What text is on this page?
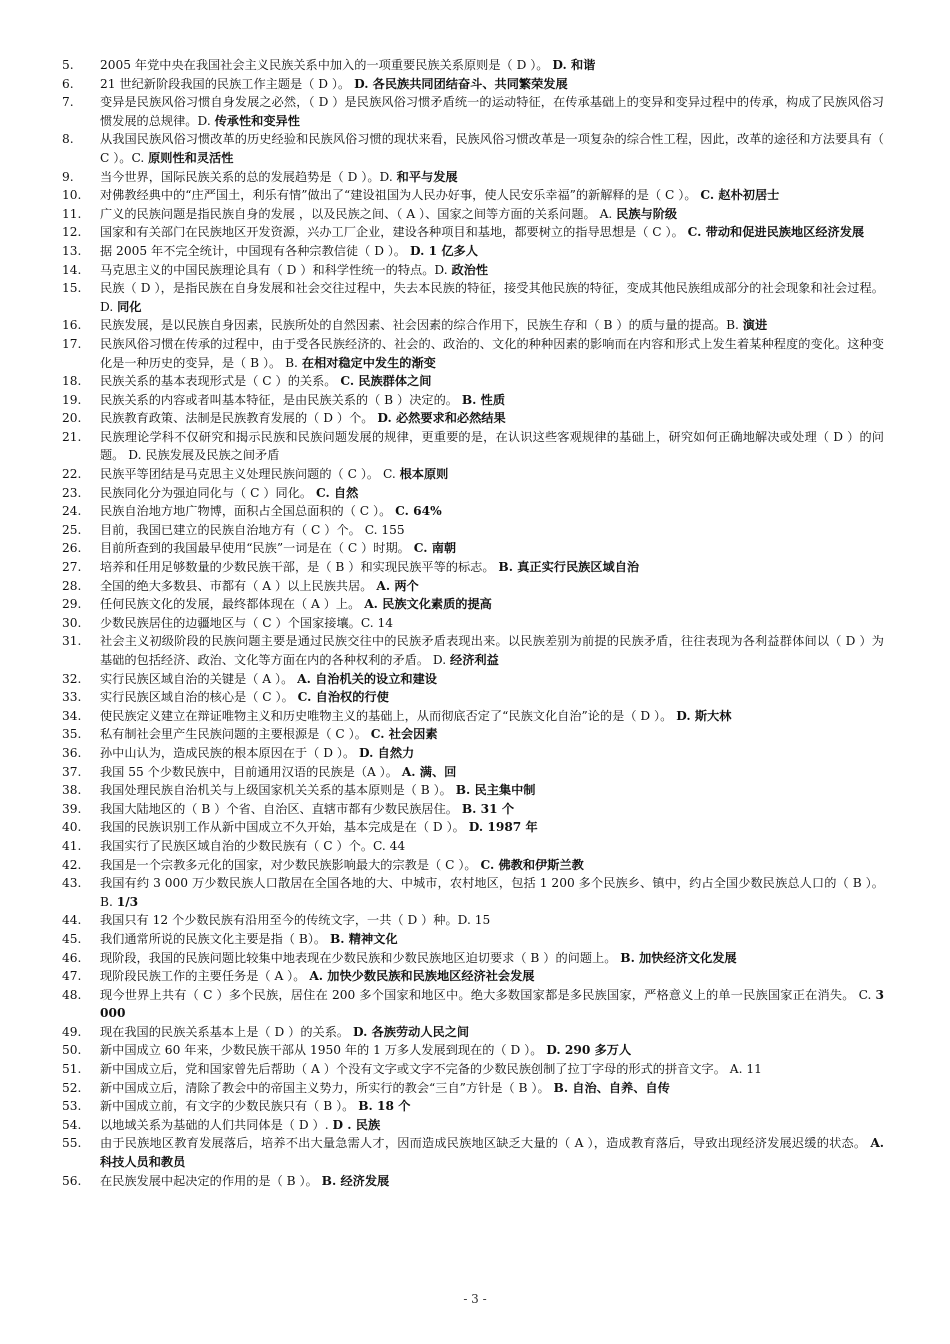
5.	2005 年党中央在我国社会主义民族关系中加入的一项重要民族关系原则是（ D ）。 D. 和谐
6.	21 世纪新阶段我国的民族工作主题是（ D ）。 D. 各民族共同团结奋斗、共同繁荣发展
7.	变异是民族风俗习惯自身发展之必然，（ D ）是民族风俗习惯矛盾统一的运动特征，在传承基础上的变异和变异过程中的传承，构成了民族风俗习惯发展的总规律。D. 传承性和变异性
8.	从我国民族风俗习惯改革的历史经验和民族风俗习惯的现状来看，民族风俗习惯改革是一项复杂的综合性工程，因此，改革的途径和方法要具有（ C ）。C. 原则性和灵活性
9.	当今世界，国际民族关系的总的发展趋势是（ D ）。D. 和平与发展
10.	对佛教经典中的“庄严国土，利乐有情”做出了“建设祖国为人民办好事，使人民安乐幸福”的新解释的是（ C ）。 C. 赵朴初居士
11.	广义的民族问题是指民族自身的发展 ，以及民族之间、（ A ）、国家之间等方面的关系问题。 A. 民族与阶级
12.	国家和有关部门在民族地区开发资源，兴办工厂企业，建设各种项目和基地，都要树立的指导思想是（ C ）。 C. 带动和促进民族地区经济发展
13.	据 2005 年不完全统计，中国现有各种宗教信徒（ D ）。 D. 1 亿多人
14.	马克思主义的中国民族理论具有（ D ）和科学性统一的特点。D. 政治性
15.	民族（ D ），是指民族在自身发展和社会交往过程中，失去本民族的特征，接受其他民族的特征，变成其他民族组成部分的社会现象和社会过程。 D. 同化
16.	民族发展，是以民族自身因素，民族所处的自然因素、社会因素的综合作用下，民族生存和（ B ）的质与量的提高。B. 演进
17.	民族风俗习惯在传承的过程中，由于受各民族经济的、社会的、政治的、文化的种种因素的影响而在内容和形式上发生着某种程度的变化。这种变化是一种历史的变异，是（ B ）。 B. 在相对稳定中发生的渐变
18.	民族关系的基本表现形式是（ C ）的关系。 C. 民族群体之间
19.	民族关系的内容或者叫基本特征，是由民族关系的（ B ）决定的。 B. 性质
20.	民族教育政策、法制是民族教育发展的（ D ）个。 D. 必然要求和必然结果
21.	民族理论学科不仅研究和揭示民族和民族问题发展的规律，更重要的是，在认识这些客观规律的基础上，研究如何正确地解决或处理（ D ）的问题。 D. 民族发展及民族之间矛盾
22.	民族平等团结是马克思主义处理民族问题的（ C ）。 C. 根本原则
23.	民族同化分为强迫同化与（ C ）同化。 C. 自然
24.	民族自治地方地广物博，面积占全国总面积的（ C ）。 C. 64%
25.	目前，我国已建立的民族自治地方有（ C ）个。 C. 155
26.	目前所查到的我国最早使用“民族”一词是在（ C ）时期。 C. 南朝
27.	培养和任用足够数量的少数民族干部，是（ B ）和实现民族平等的标志。 B. 真正实行民族区域自治
28.	全国的绝大多数县、市都有（ A ）以上民族共居。 A. 两个
29.	任何民族文化的发展，最终都体现在（ A ）上。 A. 民族文化素质的提高
30.	少数民族居住的边疆地区与（ C ）个国家接壤。C. 14
31.	社会主义初级阶段的民族问题主要是通过民族交往中的民族矛盾表现出来。以民族差别为前提的民族矛盾，往往表现为各利益群体间以（ D ）为基础的包括经济、政治、文化等方面在内的各种权利的矛盾。 D. 经济利益
32.	实行民族区域自治的关键是（ A ）。 A. 自治机关的设立和建设
33.	实行民族区域自治的核心是（ C ）。 C. 自治权的行使
34.	使民族定义建立在辩证唯物主义和历史唯物主义的基础上，从而彻底否定了“民族文化自治”论的是（ D ）。 D. 斯大林
35.	私有制社会里产生民族问题的主要根源是（ C ）。 C. 社会因素
36.	孙中山认为，造成民族的根本原因在于（ D ）。 D. 自然力
37.	我国 55 个少数民族中，目前通用汉语的民族是（A ）。 A. 满、回
38.	我国处理民族自治机关与上级国家机关关系的基本原则是（ B ）。 B. 民主集中制
39.	我国大陆地区的（ B ）个省、自治区、直辖市都有少数民族居住。 B. 31 个
40.	我国的民族识别工作从新中国成立不久开始，基本完成是在（ D ）。 D. 1987 年
41.	我国实行了民族区域自治的少数民族有（ C ）个。C. 44
42.	我国是一个宗教多元化的国家，对少数民族影响最大的宗教是（ C ）。 C. 佛教和伊斯兰教
43.	我国有约 3 000 万少数民族人口散居在全国各地的大、中城市，农村地区，包括 1 200 多个民族乡、镇中，约占全国少数民族总人口的（ B ）。B. 1/3
44.	我国只有 12 个少数民族有沿用至今的传统文字，一共（ D ）种。D. 15
45.	我们通常所说的民族文化主要是指（ B）。 B. 精神文化
46.	现阶段，我国的民族问题比较集中地表现在少数民族和少数民族地区迫切要求（ B ）的问题上。 B. 加快经济文化发展
47.	现阶段民族工作的主要任务是（ A ）。 A. 加快少数民族和民族地区经济社会发展
48.	现今世界上共有（ C ）多个民族，居住在 200 多个国家和地区中。绝大多数国家都是多民族国家，严格意义上的单一民族国家正在消失。 C. 3 000
49.	现在我国的民族关系基本上是（ D ）的关系。 D. 各族劳动人民之间
50.	新中国成立 60 年来，少数民族干部从 1950 年的 1 万多人发展到现在的（ D ）。 D. 290 多万人
51.	新中国成立后，党和国家曾先后帮助（ A ）个没有文字或文字不完备的少数民族创制了拉丁字母的形式的拼音文字。 A. 11
52.	新中国成立后，清除了教会中的帝国主义势力，所实行的教会“三自”方针是（ B ）。 B. 自治、自养、自传
53.	新中国成立前，有文字的少数民族只有（ B ）。 B. 18 个
54.	以地域关系为基础的人们共同体是（ D ）. D . 民族
55.	由于民族地区教育发展落后，培养不出大量急需人才，因而造成民族地区缺乏大量的（ A ），造成教育落后，导致出现经济发展迟缓的状态。 A. 科技人员和教员
56.	在民族发展中起决定的作用的是（ B ）。 B. 经济发展
- 3 -
